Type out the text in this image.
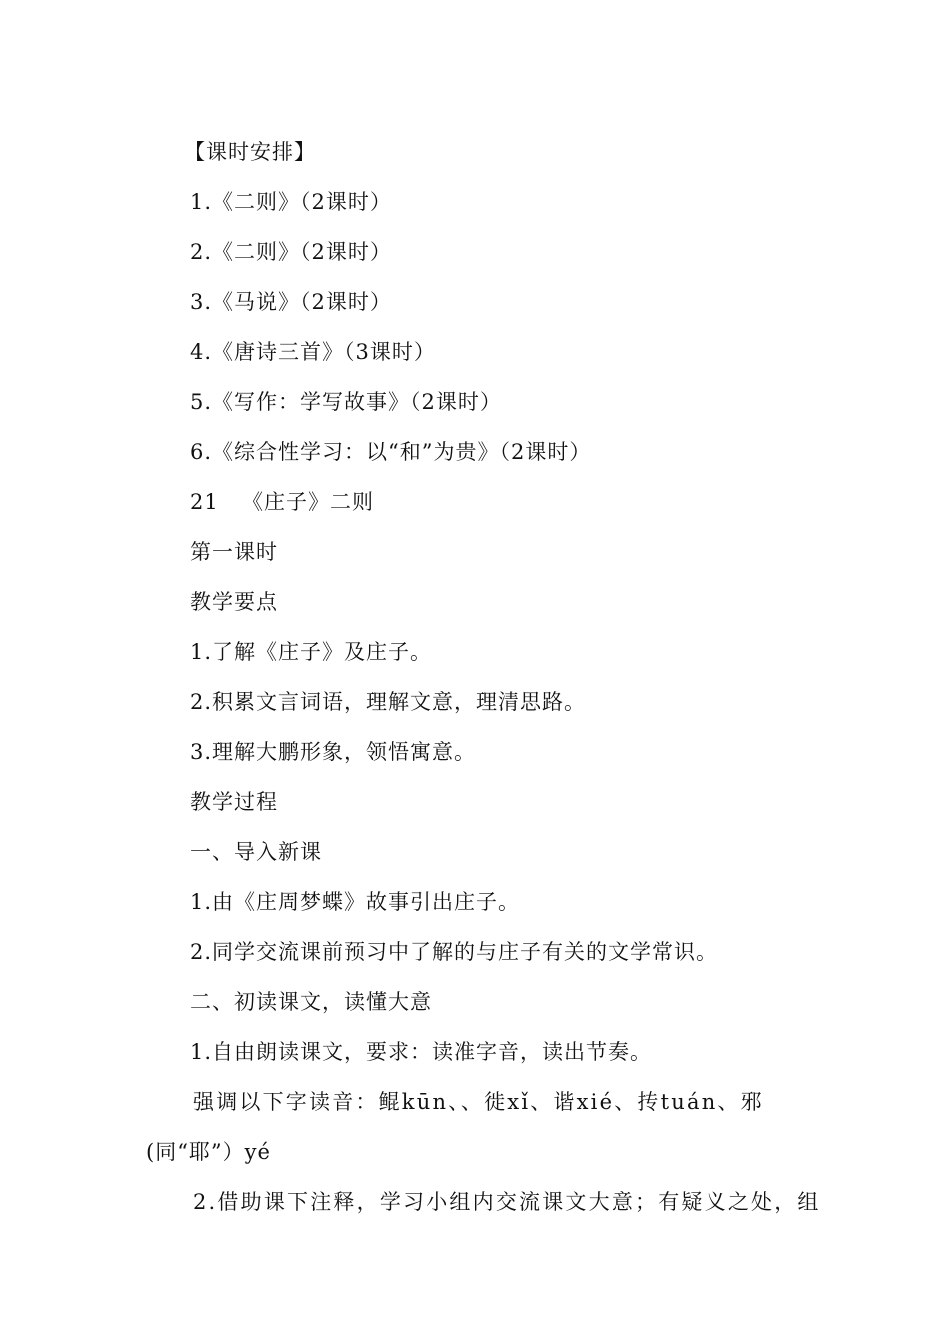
【课时安排】
1.《二则》（2课时）
2.《二则》（2课时）
3.《马说》（2课时）
4.《唐诗三首》（3课时）
5.《写作：学写故事》（2课时）
6.《综合性学习：以“和”为贵》（2课时）
21 《庄子》二则
第一课时
教学要点
1.了解《庄子》及庄子。
2.积累文言词语，理解文意，理清思路。
3.理解大鹏形象，领悟寓意。
教学过程
一、导入新课
1.由《庄周梦蝶》故事引出庄子。
2.同学交流课前预习中了解的与庄子有关的文学常识。
二、初读课文，读懂大意
1.自由朗读课文，要求：读准字音，读出节奏。
强调以下字读音：鲲kūn、、徙xǐ、谐xié、抟tuán、邪
(同“耶”）yé
2.借助课下注释，学习小组内交流课文大意；有疑义之处，组
